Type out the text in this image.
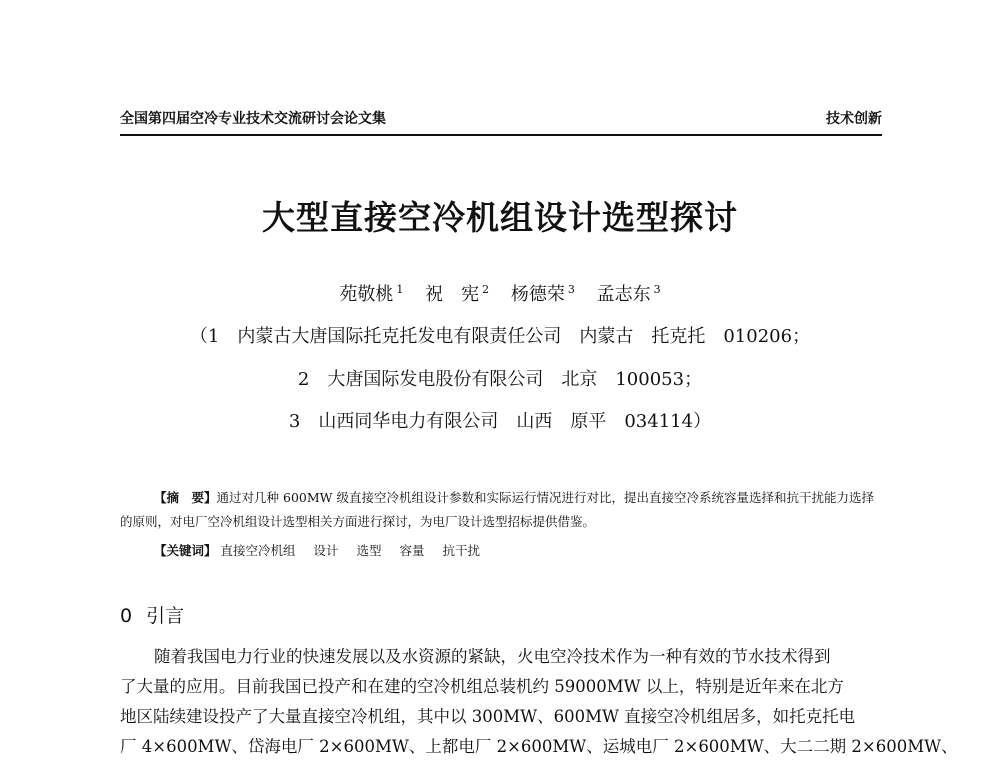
全国第四届空冷专业技术交流研讨会论文集	技术创新
大型直接空冷机组设计选型探讨
苑敬桃 $^1$ 祝　宪 $^2$ 杨德荣 $^3$ 孟志东 $^3$
（1　内蒙古大唐国际托克托发电有限责任公司　内蒙古　托克托　010206；
2　大唐国际发电股份有限公司　北京　100053；
3　山西同华电力有限公司　山西　原平　034114）

【摘　要】通过对几种 600MW 级直接空冷机组设计参数和实际运行情况进行对比，提出直接空冷系统容量选择和抗干扰能力选择的原则，对电厂空冷机组设计选型相关方面进行探讨，为电厂设计选型招标提供借鉴。

【关键词】 直接空冷机组 设计 选型 容量 抗干扰
0 引言
随着我国电力行业的快速发展以及水资源的紧缺，火电空冷技术作为一种有效的节水技术得到
了大量的应用。目前我国已投产和在建的空冷机组总装机约 59000MW 以上，特别是近年来在北方
地区陆续建设投产了大量直接空冷机组，其中以 300MW、600MW 直接空冷机组居多，如托克托电
厂 4×600MW、岱海电厂 2×600MW、上都电厂 2×600MW、运城电厂 2×600MW、大二二期 2×600MW、
